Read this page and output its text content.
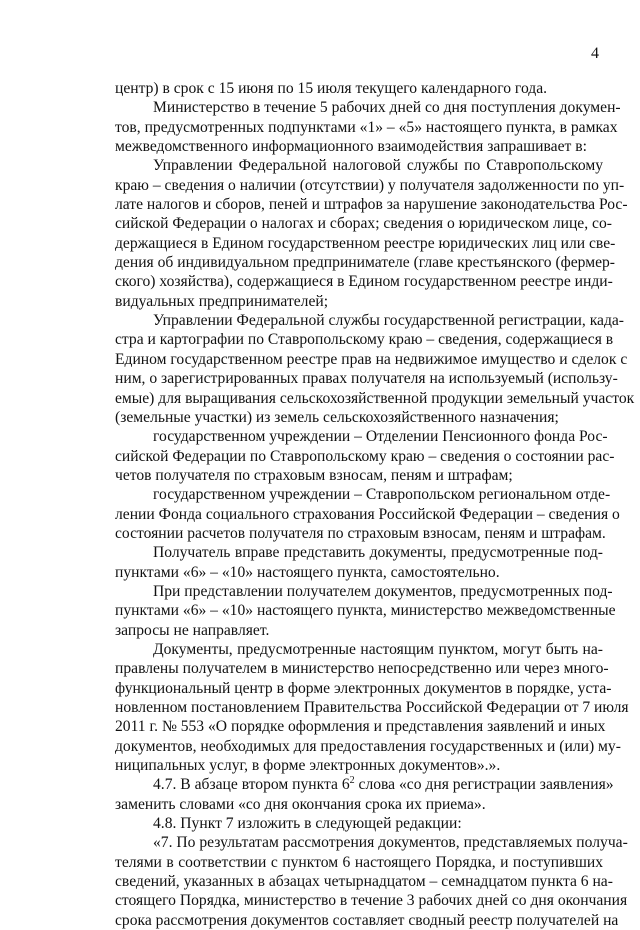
4
центр) в срок с 15 июня по 15 июля текущего календарного года.
Министерство в течение 5 рабочих дней со дня поступления докумен-
тов, предусмотренных подпунктами «1» – «5» настоящего пункта, в рамках
межведомственного информационного взаимодействия запрашивает в:
Управлении Федеральной налоговой службы по Ставропольскому
краю – сведения о наличии (отсутствии) у получателя задолженности по уп-
лате налогов и сборов, пеней и штрафов за нарушение законодательства Рос-
сийской Федерации о налогах и сборах; сведения о юридическом лице, со-
держащиеся в Едином государственном реестре юридических лиц или све-
дения об индивидуальном предпринимателе (главе крестьянского (фермер-
ского) хозяйства), содержащиеся в Едином государственном реестре инди-
видуальных предпринимателей;
Управлении Федеральной службы государственной регистрации, када-
стра и картографии по Ставропольскому краю – сведения, содержащиеся в
Едином государственном реестре прав на недвижимое имущество и сделок с
ним, о зарегистрированных правах получателя на используемый (использу-
емые) для выращивания сельскохозяйственной продукции земельный участок
(земельные участки) из земель сельскохозяйственного назначения;
государственном учреждении – Отделении Пенсионного фонда Рос-
сийской Федерации по Ставропольскому краю – сведения о состоянии рас-
четов получателя по страховым взносам, пеням и штрафам;
государственном учреждении – Ставропольском региональном отде-
лении Фонда социального страхования Российской Федерации – сведения о
состоянии расчетов получателя по страховым взносам, пеням и штрафам.
Получатель вправе представить документы, предусмотренные под-
пунктами «6» – «10» настоящего пункта, самостоятельно.
При представлении получателем документов, предусмотренных под-
пунктами «6» – «10» настоящего пункта, министерство межведомственные
запросы не направляет.
Документы, предусмотренные настоящим пунктом, могут быть на-
правлены получателем в министерство непосредственно или через много-
функциональный центр в форме электронных документов в порядке, уста-
новленном постановлением Правительства Российской Федерации от 7 июля
2011 г. № 553 «О порядке оформления и представления заявлений и иных
документов, необходимых для предоставления государственных и (или) му-
ниципальных услуг, в форме электронных документов».».
4.7. В абзаце втором пункта $6^2$ слова «со дня регистрации заявления»
заменить словами «со дня окончания срока их приема».
4.8. Пункт 7 изложить в следующей редакции:
«7. По результатам рассмотрения документов, представляемых получа-
телями в соответствии с пунктом 6 настоящего Порядка, и поступивших
сведений, указанных в абзацах четырнадцатом – семнадцатом пункта 6 на-
стоящего Порядка, министерство в течение 3 рабочих дней со дня окончания
срока рассмотрения документов составляет сводный реестр получателей на
